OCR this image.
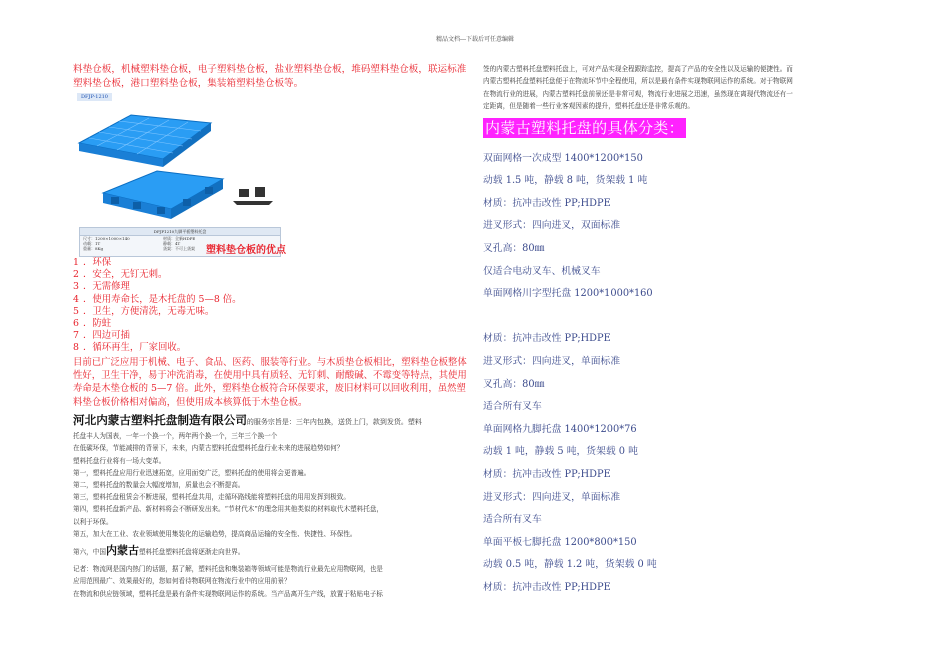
精品文档---下载后可任意编辑
料垫仓板，机械塑料垫仓板，电子塑料垫仓板，盐业塑料垫仓板，堆码塑料垫仓板，联运标准塑料垫仓板，港口塑料垫仓板，集装箱塑料垫仓板等。
DFJP-1210
DFJP1210九脚平板塑料托盘
尺寸：1200×1000×140	材质：全新HDPE
动载：1T	静载：4T
重量：8Kg	货架：不可上货架	塑料垫仓板的优点
1 ．环保
2 ．安全，无钉无刺。
3 ．无需修理
4 ．使用寿命长，是木托盘的 5—8 倍。
5 ．卫生，方便清洗，无毒无味。
6 ．防蛀
7 ．四边可插
8 ．循环再生，厂家回收。
目前已广泛应用于机械、电子、食品、医药、服装等行业。与木质垫仓板相比，塑料垫仓板整体性好，卫生干净，易于冲洗消毒，在使用中具有质轻、无钉刺、耐酸碱、不霉变等特点，其使用寿命是木垫仓板的 5—7 倍。此外，塑料垫仓板符合环保要求，废旧材料可以回收利用，虽然塑料垫仓板价格相对偏高，但使用成本核算低于木垫仓板。
河北内蒙古塑料托盘制造有限公司的服务宗旨是：三年内包换，送货上门，款到发货。塑料

托盘丰人为国表，一年一个换一个，两年两个换一个，三年三个换一个

在低碳环保，节能减排的背景下，未来，内蒙古塑料托盘塑料托盘行业未来的进展趋势如何？

塑料托盘行业将有一场大变革。

第一，塑料托盘应用行业迅速拓宽，应用面变广泛，塑料托盘的使用将会更普遍。

第二，塑料托盘的数量会大幅度增加，质量也会不断提高。

第三，塑料托盘租赁会不断进展，塑料托盘共用，走循环路线能将塑料托盘的用用发挥到极致。

第四，塑料托盘新产品、新材料将会不断研发出来。“节材代木”的理念用其他类似的材料取代木塑料托盘，

以利于环保。

第五，加大在工业、农业领域使用集装化的运输趋势，提高商品运输的安全性、快捷性、环保性。

第六，中国内蒙古塑料托盘塑料托盘将逐渐走向世界。

记者：物流网是国内热门的话题，据了解，塑料托盘和集装箱等领域可能是物流行业最先应用物联网，也是

应用范围最广、效果最好的，您如何看待物联网在物流行业中的应用前景？

在物流和供应链领域，塑料托盘是最有条件实现物联网运作的系统。当产品离开生产线，放置于粘贴电子标

签的内蒙古塑料托盘塑料托盘上，可对产品实现全程跟踪监控，提高了产品的安全性以及运输的便捷性。而

内蒙古塑料托盘塑料托盘便于在物流环节中全程使用，所以是最有条件实现物联网运作的系统。对于物联网

在物流行业的进展，内蒙古塑料托盘前景还是非常可观，物流行业进展之迅速，虽然现在离现代物流还有一

定距离，但是随着一些行业客观因素的提升，塑料托盘还是非常乐观的。

内蒙古塑料托盘的具体分类：
双面网格一次成型 1400*1200*150
动载 1.5 吨，静载 8 吨，货架载 1 吨
材质：抗冲击改性 PP;HDPE
进叉形式：四向进叉，双面标准
叉孔高：80㎜
仅适合电动叉车、机械叉车
单面网格川字型托盘 1200*1000*160
材质：抗冲击改性 PP;HDPE
进叉形式：四向进叉，单面标准
叉孔高：80㎜
适合所有叉车
单面网格九脚托盘 1400*1200*76
动载 1 吨，静载 5 吨，货架载 0 吨
材质：抗冲击改性 PP;HDPE
进叉形式：四向进叉，单面标准
适合所有叉车
单面平板七脚托盘 1200*800*150
动载 0.5 吨，静载 1.2 吨，货架载 0 吨
材质：抗冲击改性 PP;HDPE
